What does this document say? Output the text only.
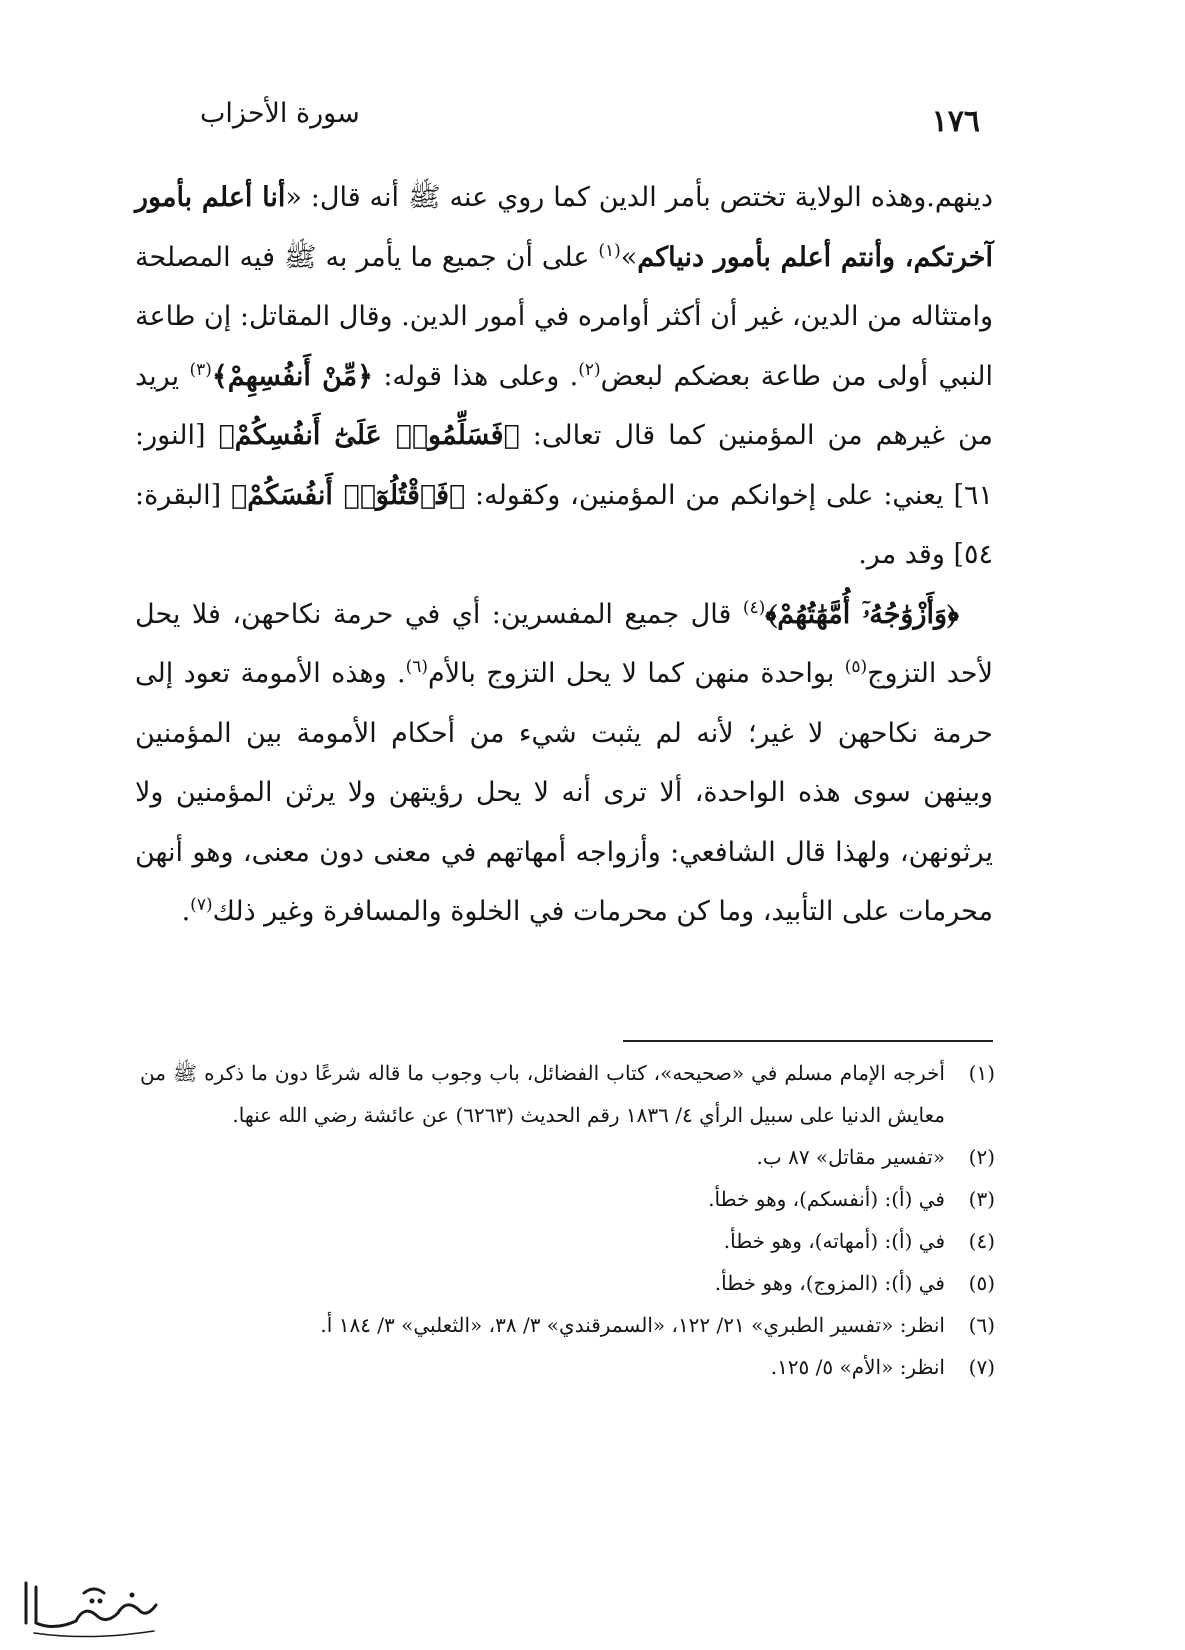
١٧٦
سورة الأحزاب

دينهم.وهذه الولاية تختص بأمر الدين كما روي عنه ﷺ أنه قال: «أنا أعلم بأمور آخرتكم، وأنتم أعلم بأمور دنياكم»$^{(١)}$ على أن جميع ما يأمر به ﷺ فيه المصلحة وامتثاله من الدين، غير أن أكثر أوامره في أمور الدين. وقال المقاتل: إن طاعة النبي أولى من طاعة بعضكم لبعض$^{(٢)}$. وعلى هذا قوله: ﴿مِّنْ أَنفُسِهِمْ﴾$^{(٣)}$ يريد من غيرهم من المؤمنين كما قال تعالى: ﴿فَسَلِّمُوا۟ عَلَىٰٓ أَنفُسِكُمْ﴾ [النور: ٦١] يعني: على إخوانكم من المؤمنين، وكقوله: ﴿فَٱقْتُلُوٓا۟ أَنفُسَكُمْ﴾ [البقرة: ٥٤] وقد مر.

﴿وَأَزْوَٰجُهُۥٓ أُمَّهَٰتُهُمْ﴾$^{(٤)}$ قال جميع المفسرين: أي في حرمة نكاحهن، فلا يحل لأحد التزوج$^{(٥)}$ بواحدة منهن كما لا يحل التزوج بالأم$^{(٦)}$. وهذه الأمومة تعود إلى حرمة نكاحهن لا غير؛ لأنه لم يثبت شيء من أحكام الأمومة بين المؤمنين وبينهن سوى هذه الواحدة، ألا ترى أنه لا يحل رؤيتهن ولا يرثن المؤمنين ولا يرثونهن، ولهذا قال الشافعي: وأزواجه أمهاتهم في معنى دون معنى، وهو أنهن محرمات على التأبيد، وما كن محرمات في الخلوة والمسافرة وغير ذلك$^{(٧)}$.

(١)
أخرجه الإمام مسلم في «صحيحه»، كتاب الفضائل، باب وجوب ما قاله شرعًا دون ما ذكره ﷺ من معايش الدنيا على سبيل الرأي ٤/ ١٨٣٦ رقم الحديث (٦٢٦٣) عن عائشة رضي الله عنها.
(٢)
«تفسير مقاتل» ٨٧ ب.
(٣)
في (أ): (أنفسكم)، وهو خطأ.
(٤)
في (أ): (أمهاته)، وهو خطأ.
(٥)
في (أ): (المزوج)، وهو خطأ.
(٦)
انظر: «تفسير الطبري» ٢١/ ١٢٢، «السمرقندي» ٣/ ٣٨، «الثعلبي» ٣/ ١٨٤ أ.
(٧)
انظر: «الأم» ٥/ ١٢٥.
